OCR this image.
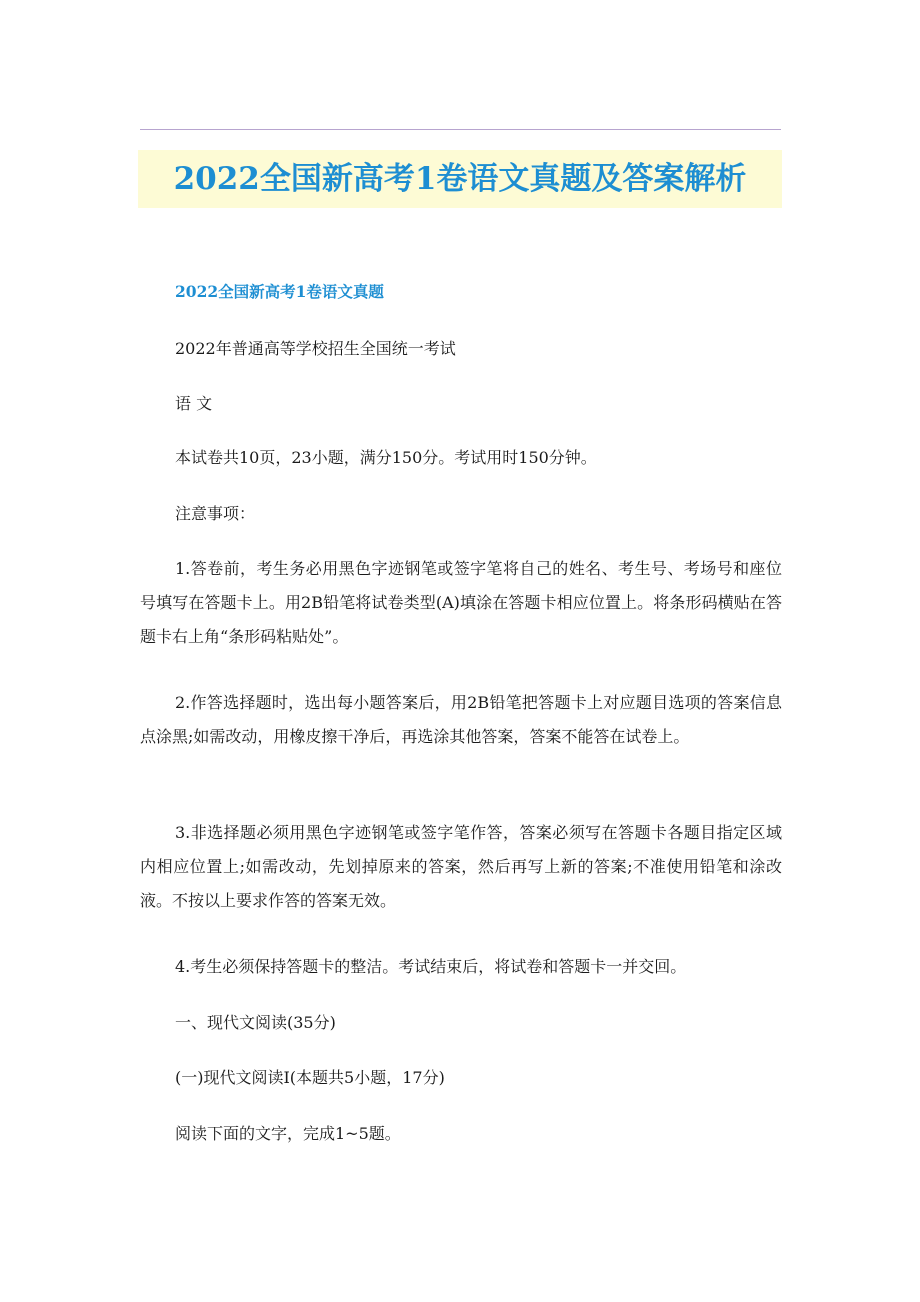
2022全国新高考1卷语文真题及答案解析
2022全国新高考1卷语文真题

2022年普通高等学校招生全国统一考试

语 文

本试卷共10页，23小题，满分150分。考试用时150分钟。

注意事项：

1.答卷前，考生务必用黑色字迹钢笔或签字笔将自己的姓名、考生号、考场号和座位号填写在答题卡上。用2B铅笔将试卷类型(A)填涂在答题卡相应位置上。将条形码横贴在答题卡右上角“条形码粘贴处”。

2.作答选择题时，选出每小题答案后，用2B铅笔把答题卡上对应题目选项的答案信息点涂黑;如需改动，用橡皮擦干净后，再选涂其他答案，答案不能答在试卷上。

3.非选择题必须用黑色字迹钢笔或签字笔作答，答案必须写在答题卡各题目指定区域内相应位置上;如需改动，先划掉原来的答案，然后再写上新的答案;不准使用铅笔和涂改液。不按以上要求作答的答案无效。

4.考生必须保持答题卡的整洁。考试结束后，将试卷和答题卡一并交回。

一、现代文阅读(35分)

(一)现代文阅读Ⅰ(本题共5小题，17分)

阅读下面的文字，完成1~5题。
